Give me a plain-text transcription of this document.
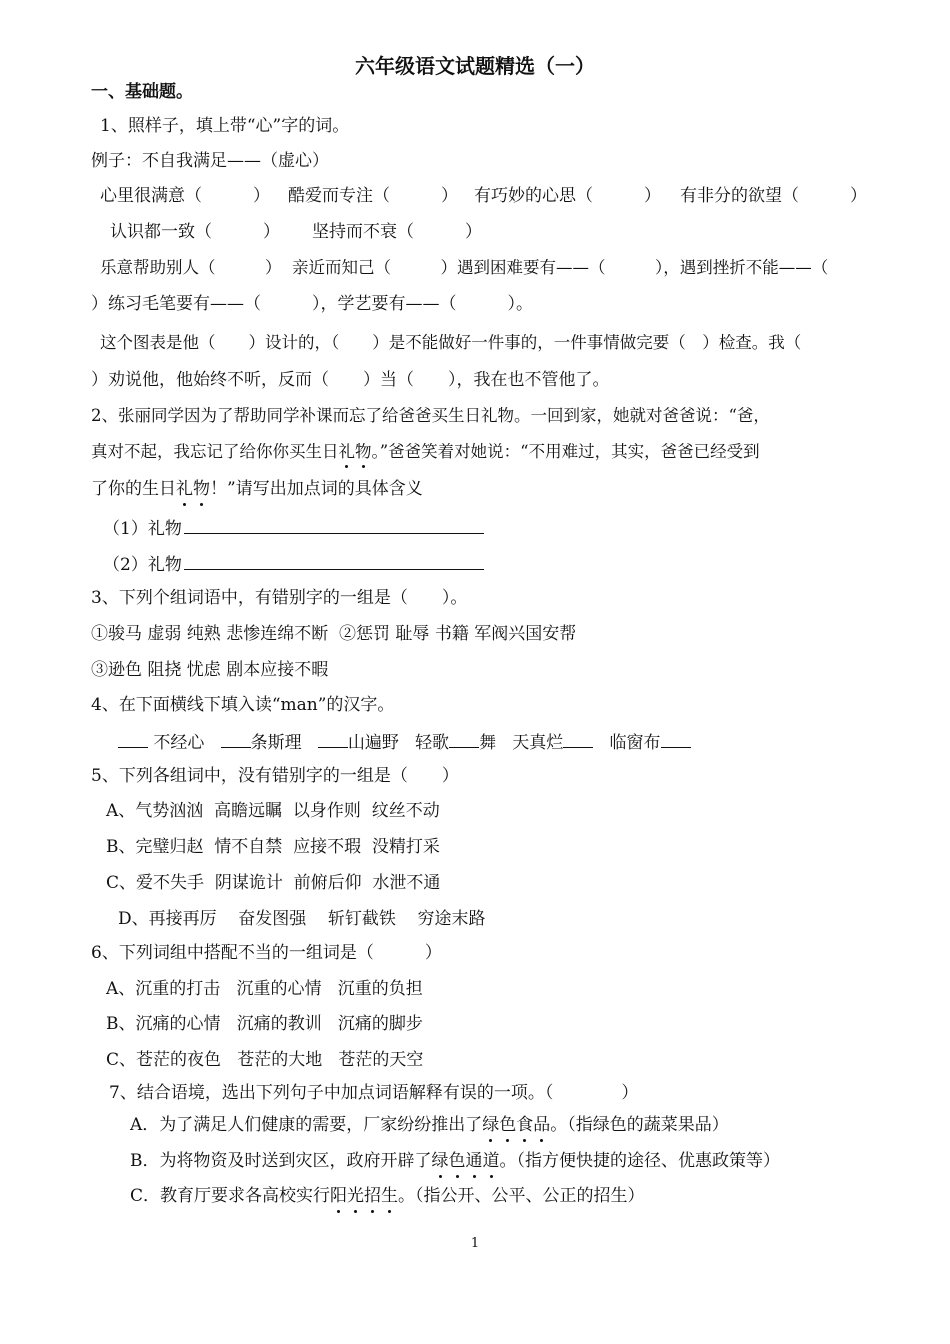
六年级语文试题精选（一）
一、基础题。
1、照样子，填上带“心”字的词。
例子：不自我满足——（虚心）
心里很满意（　　　） 酷爱而专注（　　　） 有巧妙的心思（　　　） 有非分的欲望（　　　）
认识都一致（　　　） 坚持而不衰（　　　）
乐意帮助别人（　　　）  亲近而知己（　　　）遇到困难要有——（　　　），遇到挫折不能——（
）练习毛笔要有——（　　　），学艺要有——（　　　）。
这个图表是他（　　）设计的，（　　）是不能做好一件事的，一件事情做完要（　）检查。我（
）劝说他，他始终不听，反而（　　）当（　　），我在也不管他了。
2、张丽同学因为了帮助同学补课而忘了给爸爸买生日礼物。一回到家，她就对爸爸说：“爸，
真对不起，我忘记了给你你买生日礼物。”爸爸笑着对她说：“不用难过，其实，爸爸已经受到
了你的生日礼物！”请写出加点词的具体含义
（1）礼物
（2）礼物
3、下列个组词语中，有错别字的一组是（　　）。
①骏马 虚弱 纯熟 悲惨连绵不断  ②惩罚 耻辱 书籍 军阀兴国安帮
③逊色 阻挠 忧虑 剧本应接不暇
4、在下面横线下填入读“man”的汉字。
不经心	条斯理	山遍野 轻歌 舞 天真烂	临窗布
5、下列各组词中，没有错别字的一组是（　　）
A、气势汹汹  高瞻远瞩  以身作则  纹丝不动
B、完璧归赵  情不自禁  应接不瑕  没精打采
C、爱不失手  阴谋诡计  前俯后仰  水泄不通
D、再接再厉    奋发图强    斩钉截铁    穷途末路
6、下列词组中搭配不当的一组词是（　　　）
A、沉重的打击   沉重的心情   沉重的负担
B、沉痛的心情   沉痛的教训   沉痛的脚步
C、苍茫的夜色   苍茫的大地   苍茫的天空
7、结合语境，选出下列句子中加点词语解释有误的一项。（　　　　）
A．为了满足人们健康的需要，厂家纷纷推出了绿色食品。（指绿色的蔬菜果品）
B．为将物资及时送到灾区，政府开辟了绿色通道。（指方便快捷的途径、优惠政策等）
C．教育厅要求各高校实行阳光招生。（指公开、公平、公正的招生）
1
